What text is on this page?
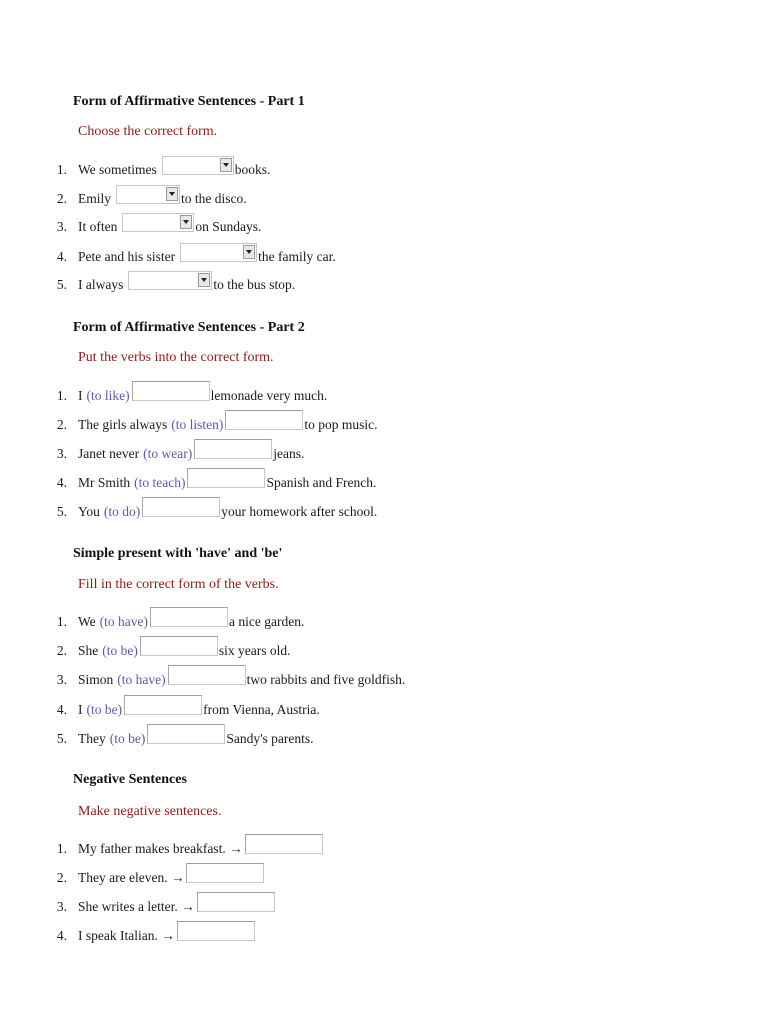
Form of Affirmative Sentences - Part 1
Choose the correct form.
1. We sometimes	books.
2. Emily	to the disco.
3. It often	on Sundays.
4. Pete and his sister	the family car.
5. I always	to the bus stop.
Form of Affirmative Sentences - Part 2
Put the verbs into the correct form.
1. I (to like)	lemonade very much.
2. The girls always (to listen)	to pop music.
3. Janet never (to wear)	jeans.
4. Mr Smith (to teach)	Spanish and French.
5. You (to do)	your homework after school.
Simple present with 'have' and 'be'
Fill in the correct form of the verbs.
1. We (to have)	a nice garden.
2. She (to be)	six years old.
3. Simon (to have)	two rabbits and five goldfish.
4. I (to be)	from Vienna, Austria.
5. They (to be)	Sandy's parents.
Negative Sentences
Make negative sentences.
1. My father makes breakfast. →
2. They are eleven. →
3. She writes a letter. →
4. I speak Italian. →
